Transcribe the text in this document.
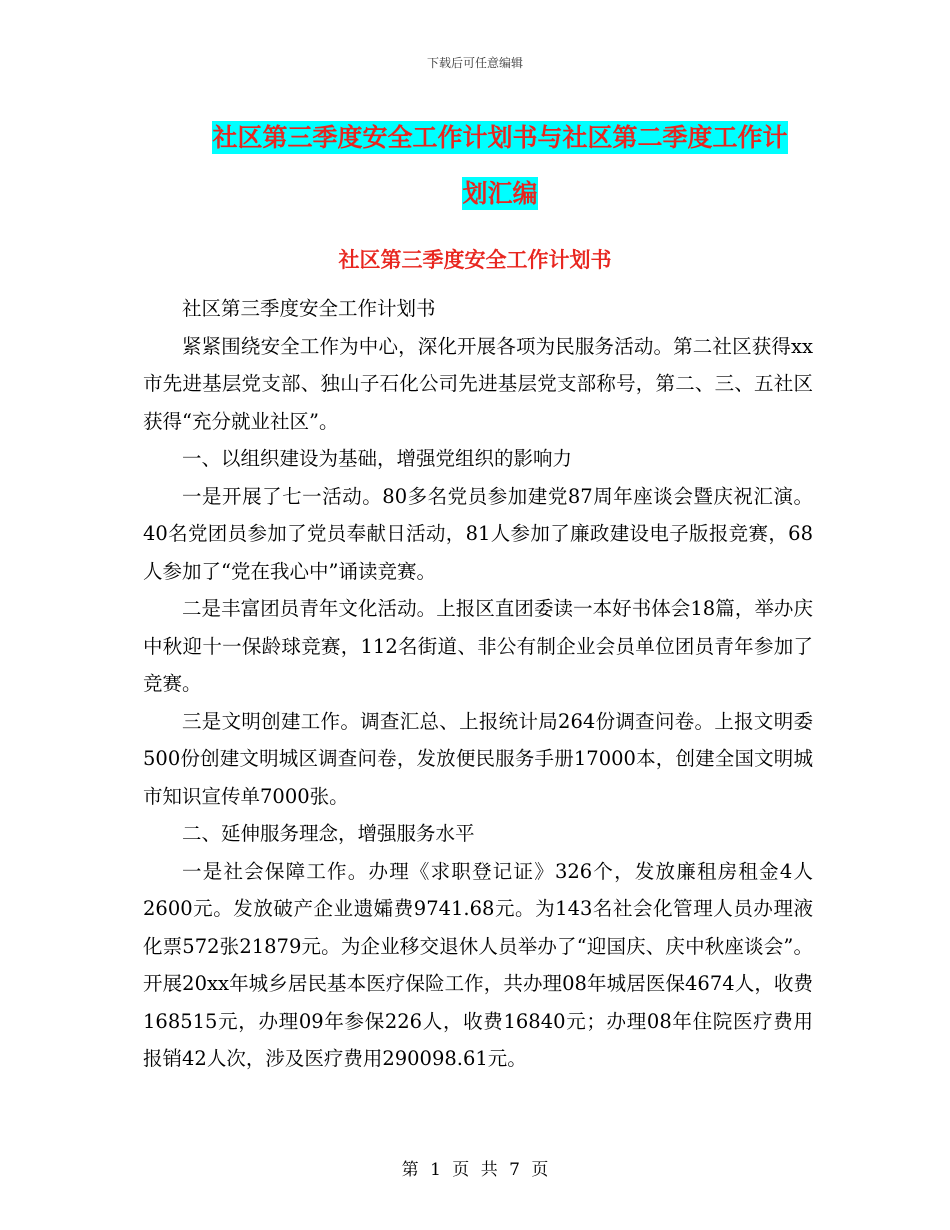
下载后可任意编辑
社区第三季度安全工作计划书与社区第二季度工作计
划汇编
社区第三季度安全工作计划书

社区第三季度安全工作计划书

紧紧围绕安全工作为中心，深化开展各项为民服务活动。第二社区获得xx市先进基层党支部、独山子石化公司先进基层党支部称号，第二、三、五社区获得“充分就业社区”。

一、以组织建设为基础，增强党组织的影响力

一是开展了七一活动。80多名党员参加建党87周年座谈会暨庆祝汇演。40名党团员参加了党员奉献日活动，81人参加了廉政建设电子版报竞赛，68人参加了“党在我心中”诵读竞赛。

二是丰富团员青年文化活动。上报区直团委读一本好书体会18篇，举办庆中秋迎十一保龄球竞赛，112名街道、非公有制企业会员单位团员青年参加了竞赛。

三是文明创建工作。调查汇总、上报统计局264份调查问卷。上报文明委500份创建文明城区调查问卷，发放便民服务手册17000本，创建全国文明城市知识宣传单7000张。

二、延伸服务理念，增强服务水平

一是社会保障工作。办理《求职登记证》326个，发放廉租房租金4人2600元。发放破产企业遗孀费9741.68元。为143名社会化管理人员办理液化票572张21879元。为企业移交退休人员举办了“迎国庆、庆中秋座谈会”。开展20xx年城乡居民基本医疗保险工作，共办理08年城居医保4674人，收费168515元，办理09年参保226人，收费16840元；办理08年住院医疗费用报销42人次，涉及医疗费用290098.61元。

第 1 页 共 7 页
